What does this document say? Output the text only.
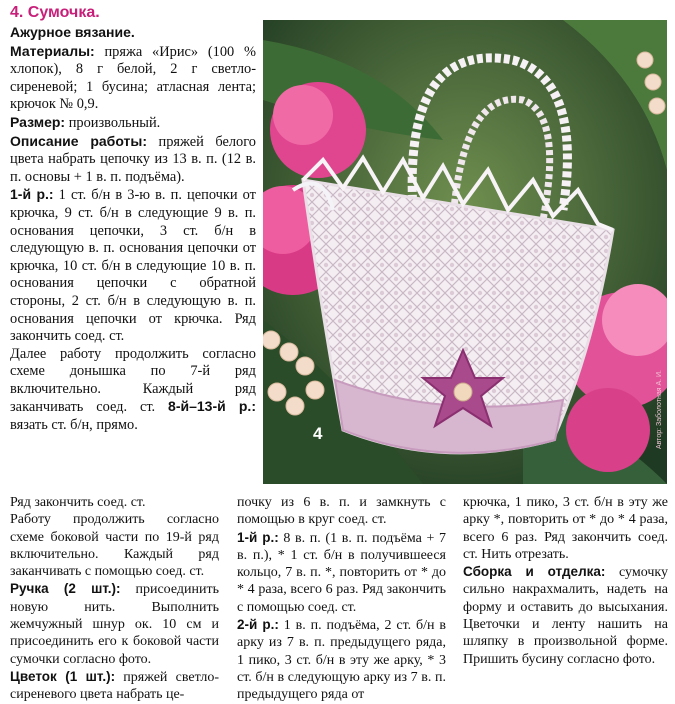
4. Сумочка.

Ажурное вязание.

Материалы: пряжа «Ирис» (100 % хлопок), 8 г белой, 2 г светло-сиреневой; 1 бусина; атласная лента; крючок № 0,9.

Размер: произвольный.

Описание работы: пряжей белого цвета набрать цепочку из 13 в. п. (12 в. п. основы + 1 в. п. подъёма).

1-й р.: 1 ст. б/н в 3-ю в. п. цепочки от крючка, 9 ст. б/н в следующие 9 в. п. основания цепочки, 3 ст. б/н в следующую в. п. основания цепочки от крючка, 10 ст. б/н в следующие 10 в. п. основания цепочки с обратной стороны, 2 ст. б/н в следующую в. п. основания цепочки от крючка. Ряд закончить соед. ст.

Далее работу продолжить согласно схеме донышка по 7-й ряд включительно. Каждый ряд заканчивать соед. ст. 8-й–13-й р.: вязать ст. б/н, прямо.	4	Автор: Заболотная А. И.

Ряд закончить соед. ст.

Работу продолжить согласно схеме боковой части по 19-й ряд включительно. Каждый ряд заканчивать с помощью соед. ст.

Ручка (2 шт.): присоединить новую нить. Выполнить жемчужный шнур ок. 10 см и присоединить его к боковой части сумочки согласно фото.

Цветок (1 шт.): пряжей светло-сиреневого цвета набрать це-

почку из 6 в. п. и замкнуть с помощью в круг соед. ст.

1-й р.: 8 в. п. (1 в. п. подъёма + 7 в. п.), * 1 ст. б/н в получившееся кольцо, 7 в. п. *, повторить от * до * 4 раза, всего 6 раз. Ряд закончить с помощью соед. ст.

2-й р.: 1 в. п. подъёма, 2 ст. б/н в арку из 7 в. п. предыдущего ряда, 1 пико, 3 ст. б/н в эту же арку, * 3 ст. б/н в следующую арку из 7 в. п. предыдущего ряда от

крючка, 1 пико, 3 ст. б/н в эту же арку *, повторить от * до * 4 раза, всего 6 раз. Ряд закончить соед. ст. Нить отрезать.

Сборка и отделка: сумочку сильно накрахмалить, надеть на форму и оставить до высыхания. Цветочки и ленту нашить на шляпку в произвольной форме. Пришить бусину согласно фото.
